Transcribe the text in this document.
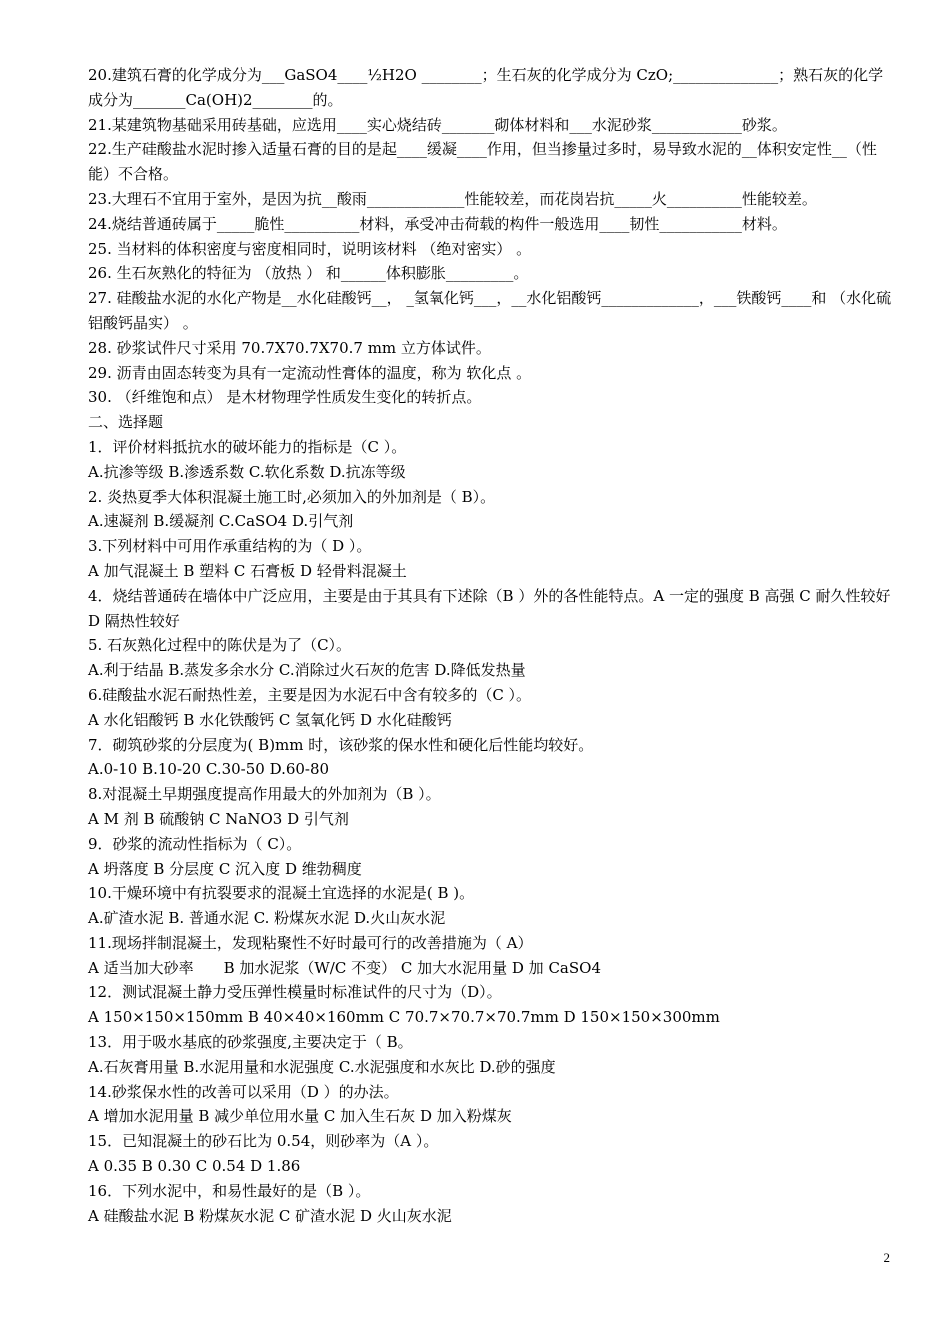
20.建筑石膏的化学成分为___GaSO4____½H2O ________；生石灰的化学成分为 CzO;______________；熟石灰的化学成分为_______Ca(OH)2________的。
21.某建筑物基础采用砖基础，应选用____实心烧结砖_______砌体材料和___水泥砂浆____________砂浆。
22.生产硅酸盐水泥时掺入适量石膏的目的是起____缓凝____作用，但当掺量过多时，易导致水泥的__体积安定性__（性能）不合格。
23.大理石不宜用于室外，是因为抗__酸雨_____________性能较差，而花岗岩抗_____火__________性能较差。
24.烧结普通砖属于_____脆性__________材料，承受冲击荷载的构件一般选用____韧性___________材料。
25. 当材料的体积密度与密度相同时，说明该材料 （绝对密实） 。
26. 生石灰熟化的特征为 （放热 ） 和______体积膨胀_________。
27. 硅酸盐水泥的水化产物是__水化硅酸钙__， _氢氧化钙___，__水化铝酸钙_____________，___铁酸钙____和 （水化硫铝酸钙晶实） 。
28. 砂浆试件尺寸采用 70.7X70.7X70.7 mm 立方体试件。
29. 沥青由固态转变为具有一定流动性膏体的温度，称为 软化点 。
30. （纤维饱和点） 是木材物理学性质发生变化的转折点。
二、选择题
1．评价材料抵抗水的破坏能力的指标是（C ）。
A.抗渗等级 B.渗透系数 C.软化系数 D.抗冻等级
2. 炎热夏季大体积混凝土施工时,必须加入的外加剂是（ B）。
A.速凝剂 B.缓凝剂 C.CaSO4 D.引气剂
3.下列材料中可用作承重结构的为（ D ）。
A 加气混凝土 B 塑料 C 石膏板 D 轻骨料混凝土
4．烧结普通砖在墙体中广泛应用，主要是由于其具有下述除（B ）外的各性能特点。A 一定的强度 B 高强 C 耐久性较好 D 隔热性较好
5. 石灰熟化过程中的陈伏是为了（C）。
A.利于结晶 B.蒸发多余水分 C.消除过火石灰的危害 D.降低发热量
6.硅酸盐水泥石耐热性差，主要是因为水泥石中含有较多的（C ）。
A 水化铝酸钙 B 水化铁酸钙 C 氢氧化钙 D 水化硅酸钙
7．砌筑砂浆的分层度为( B)mm 时，该砂浆的保水性和硬化后性能均较好。
A.0-10 B.10-20 C.30-50 D.60-80
8.对混凝土早期强度提高作用最大的外加剂为（B ）。
A M 剂 B 硫酸钠 C NaNO3 D 引气剂
9．砂浆的流动性指标为（ C）。
A 坍落度 B 分层度 C 沉入度 D 维勃稠度
10.干燥环境中有抗裂要求的混凝土宜选择的水泥是( B )。
A.矿渣水泥 B. 普通水泥 C. 粉煤灰水泥 D.火山灰水泥
11.现场拌制混凝土，发现粘聚性不好时最可行的改善措施为（ A）
A 适当加大砂率　　B 加水泥浆（W/C 不变） C 加大水泥用量 D 加 CaSO4
12．测试混凝土静力受压弹性模量时标准试件的尺寸为（D）。
A 150×150×150mm B 40×40×160mm C 70.7×70.7×70.7mm D 150×150×300mm
13．用于吸水基底的砂浆强度,主要决定于（ B。
A.石灰膏用量 B.水泥用量和水泥强度 C.水泥强度和水灰比 D.砂的强度
14.砂浆保水性的改善可以采用（D ）的办法。
A 增加水泥用量 B 减少单位用水量 C 加入生石灰 D 加入粉煤灰
15．已知混凝土的砂石比为 0.54，则砂率为（A ）。
A 0.35 B 0.30 C 0.54 D 1.86
16．下列水泥中，和易性最好的是（B ）。
A 硅酸盐水泥 B 粉煤灰水泥 C 矿渣水泥 D 火山灰水泥
2
